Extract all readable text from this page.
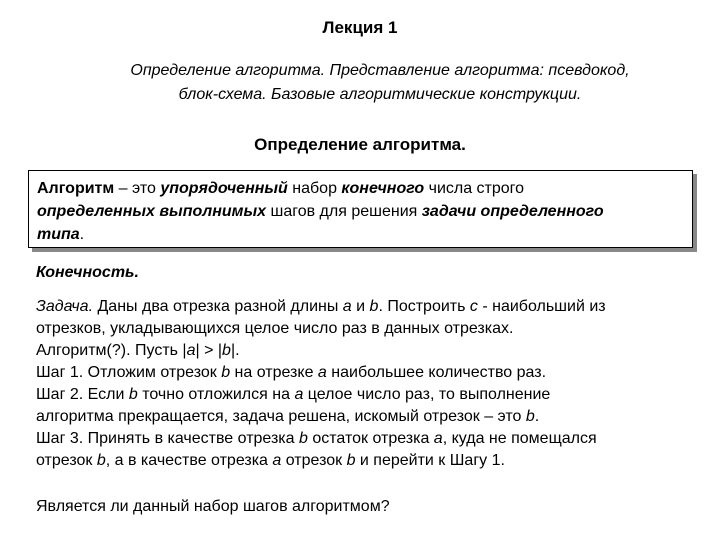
Лекция 1
Определение алгоритма. Представление алгоритма: псевдокод,
блок-схема. Базовые алгоритмические конструкции.
Определение алгоритма.
Алгоритм – это упорядоченный набор конечного числа строго
определенных выполнимых шагов для решения задачи определенного
типа.
Конечность.
Задача. Даны два отрезка разной длины a и b. Построить c - наибольший из
отрезков, укладывающихся целое число раз в данных отрезках.
Алгоритм(?). Пусть |a| > |b|.
Шаг 1. Отложим отрезок b на отрезке a наибольшее количество раз.
Шаг 2. Если b точно отложился на a целое число раз, то выполнение
алгоритма прекращается, задача решена, искомый отрезок – это b.
Шаг 3. Принять в качестве отрезка b остаток отрезка a, куда не помещался
отрезок b, а в качестве отрезка a отрезок b и перейти к Шагу 1.
Является ли данный набор шагов алгоритмом?
